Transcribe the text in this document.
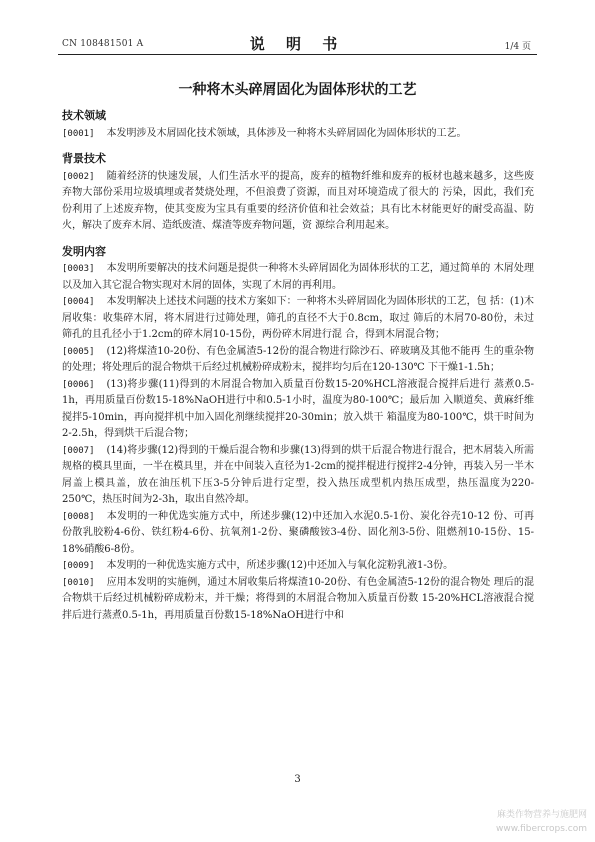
CN 108481501 A	说 明 书	1/4 页
一种将木头碎屑固化为固体形状的工艺
技术领域

[0001] 本发明涉及木屑固化技术领域，具体涉及一种将木头碎屑固化为固体形状的工艺。

背景技术

[0002] 随着经济的快速发展，人们生活水平的提高，废弃的植物纤维和废弃的板材也越来越多，这些废弃物大部份采用垃圾填埋或者焚烧处理，不但浪费了资源，而且对环境造成了很大的 污染，因此，我们充份利用了上述废弃物，使其变废为宝具有重要的经济价值和社会效益；具有比木材能更好的耐受高温、防火，解决了废弃木屑、造纸废渣、煤渣等废弃物问题，资 源综合利用起来。

发明内容

[0003] 本发明所要解决的技术问题是提供一种将木头碎屑固化为固体形状的工艺，通过简单的 木屑处理以及加入其它混合物实现对木屑的固体，实现了木屑的再利用。

[0004] 本发明解决上述技术问题的技术方案如下：一种将木头碎屑固化为固体形状的工艺，包 括：(1)木屑收集：收集碎木屑，将木屑进行过筛处理，筛孔的直径不大于0.8cm，取过 筛后的木屑70-80份，未过筛孔的且孔径小于1.2cm的碎木屑10-15份，两份碎木屑进行混 合，得到木屑混合物；

[0005] (12)将煤渣10-20份、有色金属渣5-12份的混合物进行除沙石、碎玻璃及其他不能再 生的重杂物的处理；将处理后的混合物烘干后经过机械粉碎成粉末，搅拌均匀后在120-130℃ 下干燥1-1.5h；

[0006] (13)将步骤(11)得到的木屑混合物加入质量百份数15-20%HCL溶液混合搅拌后进行 蒸煮0.5-1h，再用质量百份数15-18%NaOH进行中和0.5-1小时，温度为80-100℃；最后加 入顺道矣、黄麻纤维搅拌5-10min，再向搅拌机中加入固化剂继续搅拌20-30min；放入烘干 箱温度为80-100℃，烘干时间为2-2.5h，得到烘干后混合物；

[0007] (14)将步骤(12)得到的干燥后混合物和步骤(13)得到的烘干后混合物进行混合，把木屑装入所需规格的模具里面，一半在模具里，并在中间装入直径为1-2cm的搅拌棍进行搅拌2-4分钟，再装入另一半木屑盖上模具盖，放在油压机下压3-5分钟后进行定型，投入热压成型机内热压成型，热压温度为220-250℃，热压时间为2-3h，取出自然冷却。

[0008] 本发明的一种优选实施方式中，所述步骤(12)中还加入水泥0.5-1份、炭化谷壳10-12 份、可再份散乳胶粉4-6份、铁红粉4-6份、抗氧剂1-2份、聚磷酸铵3-4份、固化剂3-5份、阻燃剂10-15份、15-18%硝酸6-8份。

[0009] 本发明的一种优选实施方式中，所述步骤(12)中还加入与氧化淀粉乳液1-3份。

[0010] 应用本发明的实施例，通过木屑收集后将煤渣10-20份、有色金属渣5-12份的混合物处 理后的混合物烘干后经过机械粉碎成粉末，并干燥；将得到的木屑混合物加入质量百份数 15-20%HCL溶液混合搅拌后进行蒸煮0.5-1h，再用质量百份数15-18%NaOH进行中和

3
麻类作物营养与施肥网
www.fibercrops.com
